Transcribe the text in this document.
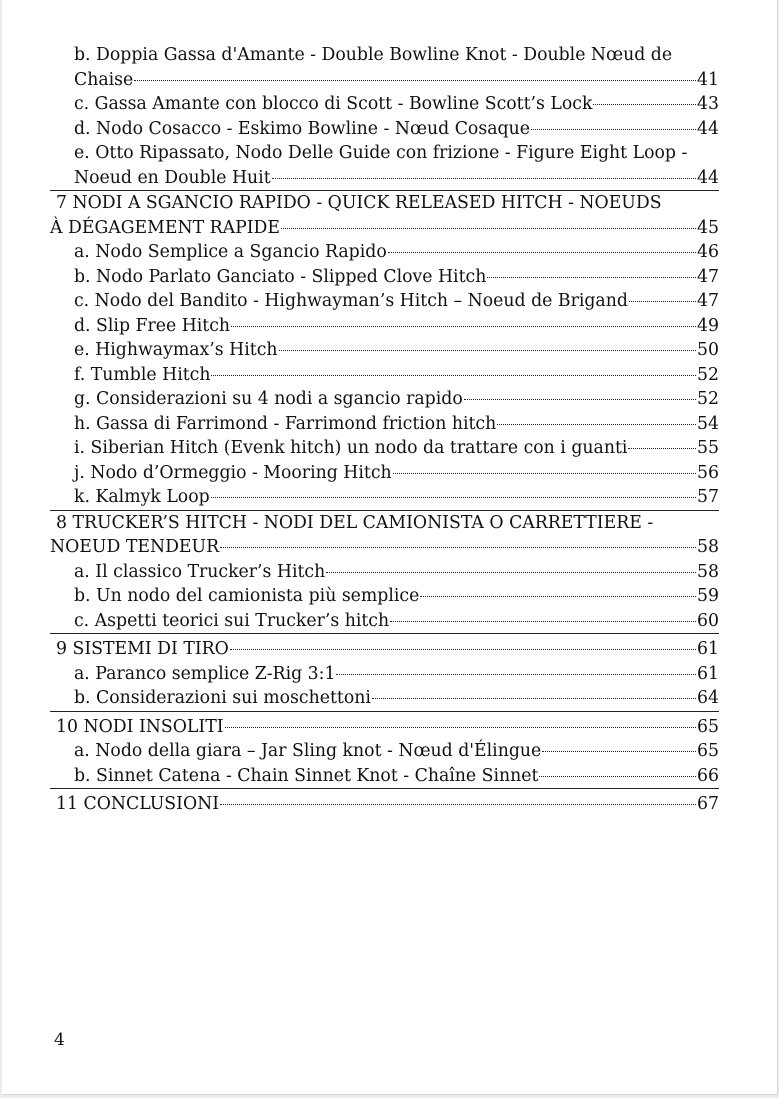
b. Doppia Gassa d'Amante - Double Bowline Knot - Double Nœud de
Chaise	41
c. Gassa Amante con blocco di Scott - Bowline Scott’s Lock	43
d. Nodo Cosacco - Eskimo Bowline - Nœud Cosaque	44
e. Otto Ripassato, Nodo Delle Guide con frizione - Figure Eight Loop -
Noeud en Double Huit	44
7 NODI A SGANCIO RAPIDO - QUICK RELEASED HITCH - NOEUDS
À DÉGAGEMENT RAPIDE	45
a. Nodo Semplice a Sgancio Rapido	46
b. Nodo Parlato Ganciato - Slipped Clove Hitch	47
c. Nodo del Bandito - Highwayman’s Hitch – Noeud de Brigand	47
d. Slip Free Hitch	49
e. Highwaymax’s Hitch	50
f. Tumble Hitch	52
g. Considerazioni su 4 nodi a sgancio rapido	52
h. Gassa di Farrimond - Farrimond friction hitch	54
i. Siberian Hitch (Evenk hitch) un nodo da trattare con i guanti	55
j. Nodo d’Ormeggio - Mooring Hitch	56
k. Kalmyk Loop	57
8 TRUCKER’S HITCH - NODI DEL CAMIONISTA O CARRETTIERE -
NOEUD TENDEUR	58
a. Il classico Trucker’s Hitch	58
b. Un nodo del camionista più semplice	59
c. Aspetti teorici sui Trucker’s hitch	60
9 SISTEMI DI TIRO	61
a. Paranco semplice Z-Rig 3:1	61
b. Considerazioni sui moschettoni	64
10 NODI INSOLITI	65
a. Nodo della giara – Jar Sling knot - Nœud d'Élingue	65
b. Sinnet Catena - Chain Sinnet Knot - Chaîne Sinnet	66
11 CONCLUSIONI	67
4
